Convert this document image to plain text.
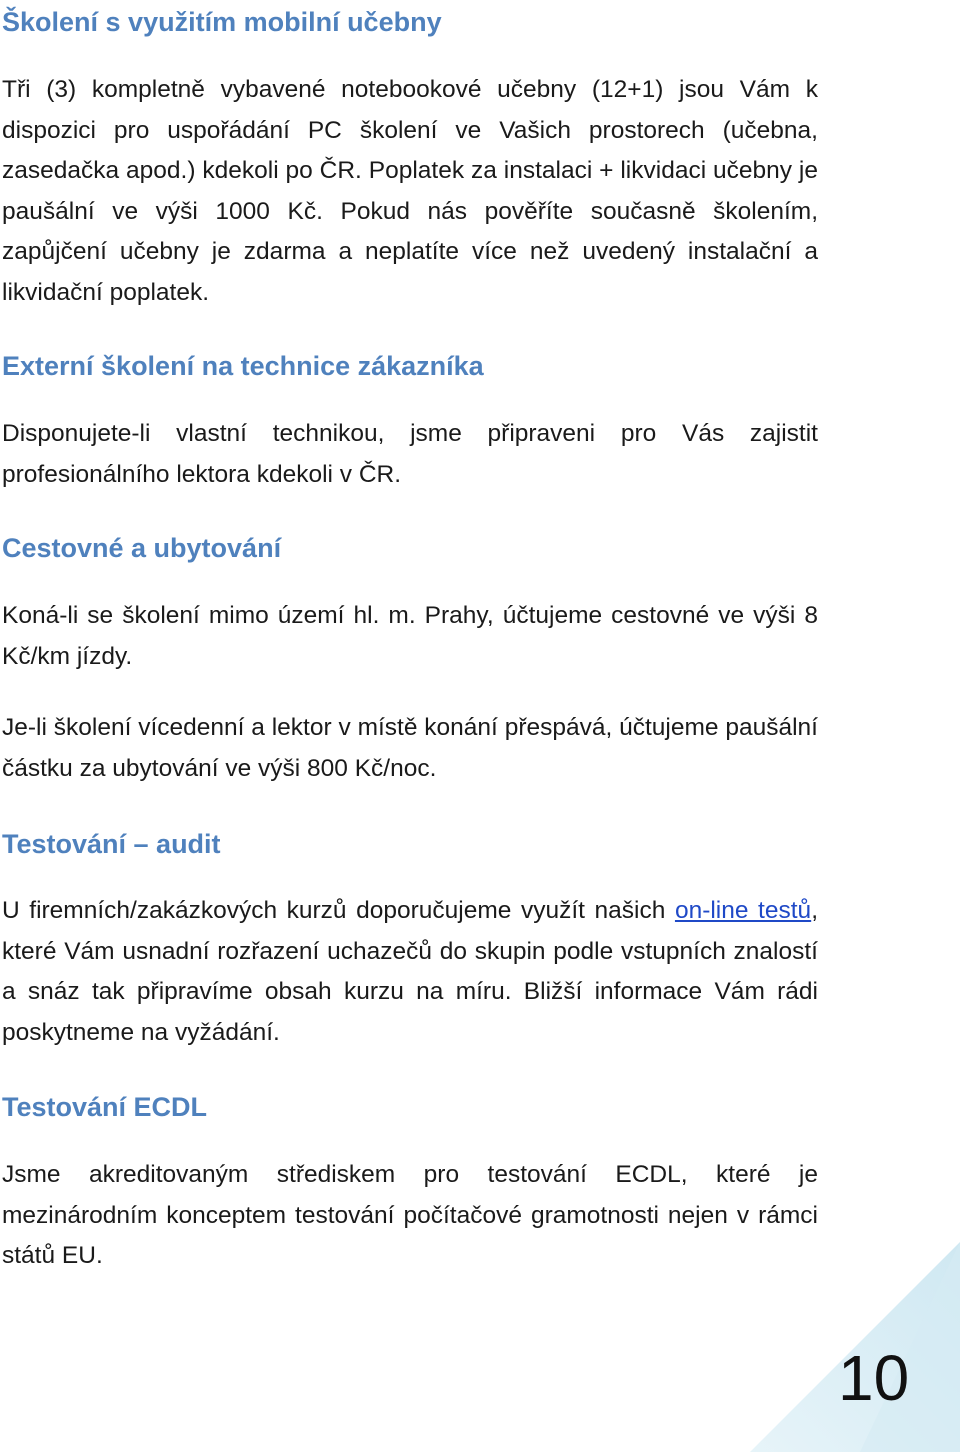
Školení s využitím mobilní učebny

Tři (3) kompletně vybavené notebookové učebny (12+1) jsou Vám k dispozici pro uspořádání PC školení ve Vašich prostorech (učebna, zasedačka apod.) kdekoli po ČR. Poplatek za instalaci + likvidaci učebny je paušální ve výši 1000 Kč. Pokud nás pověříte současně školením, zapůjčení učebny je zdarma a neplatíte více než uvedený instalační a likvidační poplatek.

Externí školení na technice zákazníka

Disponujete-li vlastní technikou, jsme připraveni pro Vás zajistit profesionálního lektora kdekoli v ČR.

Cestovné a ubytování

Koná-li se školení mimo území hl. m. Prahy, účtujeme cestovné ve výši 8 Kč/km jízdy.

Je-li školení vícedenní a lektor v místě konání přespává, účtujeme paušální částku za ubytování ve výši 800 Kč/noc.

Testování – audit

U firemních/zakázkových kurzů doporučujeme využít našich on-line testů, které Vám usnadní rozřazení uchazečů do skupin podle vstupních znalostí a snáz tak připravíme obsah kurzu na míru. Bližší informace Vám rádi poskytneme na vyžádání.

Testování ECDL

Jsme akreditovaným střediskem pro testování ECDL, které je mezinárodním konceptem testování počítačové gramotnosti nejen v rámci států EU.

10
